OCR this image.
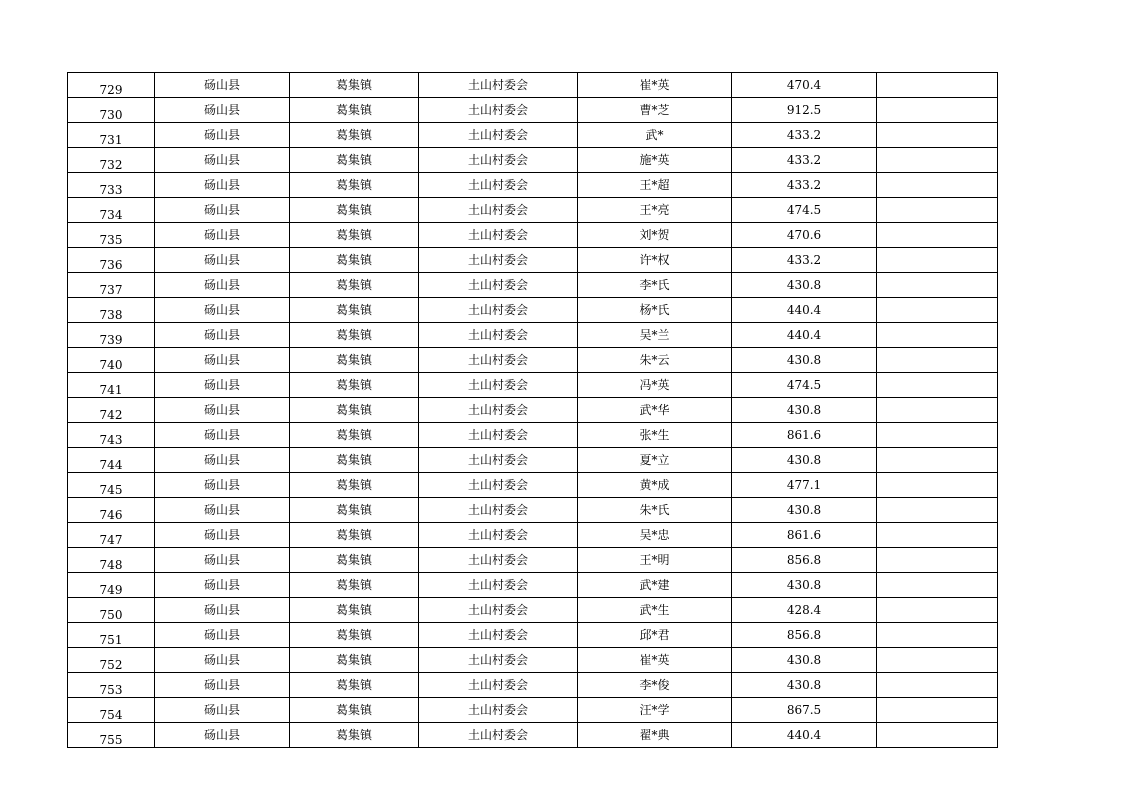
729	砀山县	葛集镇	土山村委会	崔*英	470.4	
730	砀山县	葛集镇	土山村委会	曹*芝	912.5	
731	砀山县	葛集镇	土山村委会	武*	433.2	
732	砀山县	葛集镇	土山村委会	施*英	433.2	
733	砀山县	葛集镇	土山村委会	王*超	433.2	
734	砀山县	葛集镇	土山村委会	王*亮	474.5	
735	砀山县	葛集镇	土山村委会	刘*贺	470.6	
736	砀山县	葛集镇	土山村委会	许*权	433.2	
737	砀山县	葛集镇	土山村委会	李*氏	430.8	
738	砀山县	葛集镇	土山村委会	杨*氏	440.4	
739	砀山县	葛集镇	土山村委会	吴*兰	440.4	
740	砀山县	葛集镇	土山村委会	朱*云	430.8	
741	砀山县	葛集镇	土山村委会	冯*英	474.5	
742	砀山县	葛集镇	土山村委会	武*华	430.8	
743	砀山县	葛集镇	土山村委会	张*生	861.6	
744	砀山县	葛集镇	土山村委会	夏*立	430.8	
745	砀山县	葛集镇	土山村委会	黄*成	477.1	
746	砀山县	葛集镇	土山村委会	朱*氏	430.8	
747	砀山县	葛集镇	土山村委会	吴*忠	861.6	
748	砀山县	葛集镇	土山村委会	王*明	856.8	
749	砀山县	葛集镇	土山村委会	武*建	430.8	
750	砀山县	葛集镇	土山村委会	武*生	428.4	
751	砀山县	葛集镇	土山村委会	邱*君	856.8	
752	砀山县	葛集镇	土山村委会	崔*英	430.8	
753	砀山县	葛集镇	土山村委会	李*俊	430.8	
754	砀山县	葛集镇	土山村委会	汪*学	867.5	
755	砀山县	葛集镇	土山村委会	翟*典	440.4	
